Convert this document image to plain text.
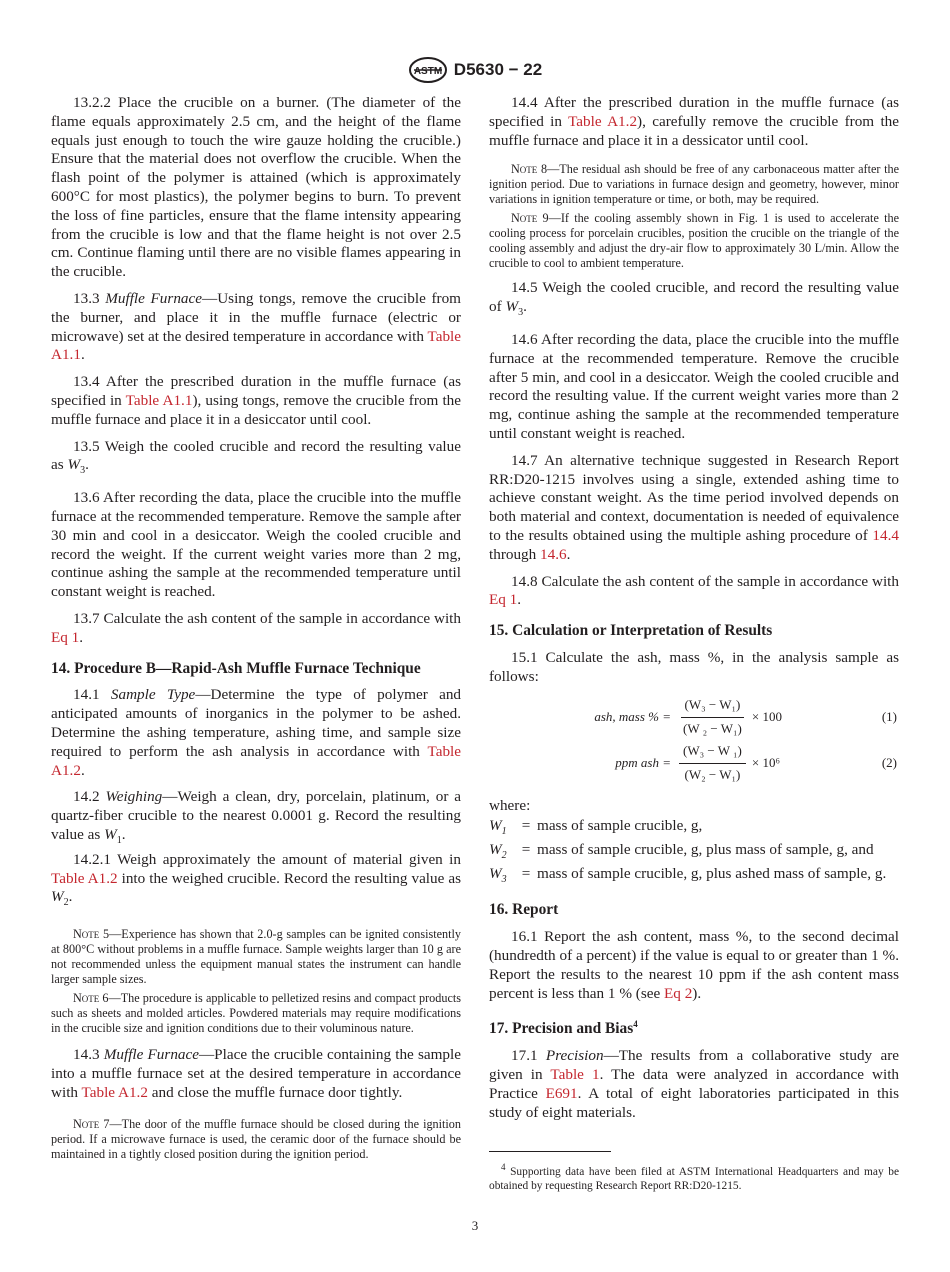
ASTM D5630 − 22

13.2.2 Place the crucible on a burner. (The diameter of the flame equals approximately 2.5 cm, and the height of the flame equals just enough to touch the wire gauze holding the crucible.) Ensure that the material does not overflow the crucible. When the flash point of the polymer is attained (which is approximately 600°C for most plastics), the polymer begins to burn. To prevent the loss of fine particles, ensure that the flame intensity appearing from the crucible is low and that the flame height is not over 2.5 cm. Continue flaming until there are no visible flames appearing in the crucible.

13.3 Muffle Furnace—Using tongs, remove the crucible from the burner, and place it in the muffle furnace (electric or microwave) set at the desired temperature in accordance with Table A1.1.

13.4 After the prescribed duration in the muffle furnace (as specified in Table A1.1), using tongs, remove the crucible from the muffle furnace and place it in a desiccator until cool.

13.5 Weigh the cooled crucible and record the resulting value as $W_3$.

13.6 After recording the data, place the crucible into the muffle furnace at the recommended temperature. Remove the sample after 30 min and cool in a desiccator. Weigh the cooled crucible and record the weight. If the current weight varies more than 2 mg, continue ashing the sample at the recommended temperature until constant weight is reached.

13.7 Calculate the ash content of the sample in accordance with Eq 1.

14. Procedure B—Rapid-Ash Muffle Furnace Technique

14.1 Sample Type—Determine the type of polymer and anticipated amounts of inorganics in the polymer to be ashed. Determine the ashing temperature, ashing time, and sample size required to perform the ash analysis in accordance with Table A1.2.

14.2 Weighing—Weigh a clean, dry, porcelain, platinum, or a quartz-fiber crucible to the nearest 0.0001 g. Record the resulting value as $W_1$.

14.2.1 Weigh approximately the amount of material given in Table A1.2 into the weighed crucible. Record the resulting value as $W_2$.

Note 5—Experience has shown that 2.0-g samples can be ignited consistently at 800°C without problems in a muffle furnace. Sample weights larger than 10 g are not recommended unless the equipment manual states the instrument can handle larger sample sizes.
Note 6—The procedure is applicable to pelletized resins and compact products such as sheets and molded articles. Powdered materials may require modifications in the crucible size and ignition conditions due to their voluminous nature.

14.3 Muffle Furnace—Place the crucible containing the sample into a muffle furnace set at the desired temperature in accordance with Table A1.2 and close the muffle furnace door tightly.

Note 7—The door of the muffle furnace should be closed during the ignition period. If a microwave furnace is used, the ceramic door of the furnace should be maintained in a tightly closed position during the ignition period.

14.4 After the prescribed duration in the muffle furnace (as specified in Table A1.2), carefully remove the crucible from the muffle furnace and place it in a dessicator until cool.

Note 8—The residual ash should be free of any carbonaceous matter after the ignition period. Due to variations in furnace design and geometry, however, minor variations in ignition temperature or time, or both, may be required.
Note 9—If the cooling assembly shown in Fig. 1 is used to accelerate the cooling process for porcelain crucibles, position the crucible on the triangle of the cooling assembly and adjust the dry-air flow to approximately 30 L/min. Allow the crucible to cool to ambient temperature.

14.5 Weigh the cooled crucible, and record the resulting value of $W_3$.

14.6 After recording the data, place the crucible into the muffle furnace at the recommended temperature. Remove the crucible after 5 min, and cool in a desiccator. Weigh the cooled crucible and record the resulting value. If the current weight varies more than 2 mg, continue ashing the sample at the recommended temperature until constant weight is reached.

14.7 An alternative technique suggested in Research Report RR:D20-1215 involves using a single, extended ashing time to achieve constant weight. As the time period involved depends on both material and context, documentation is needed of equivalence to the results obtained using the multiple ashing procedure of 14.4 through 14.6.

14.8 Calculate the ash content of the sample in accordance with Eq 1.

15. Calculation or Interpretation of Results

15.1 Calculate the ash, mass %, in the analysis sample as follows:

ash, mass % = $\frac{\text{(W₃ − W₁)}}{\text{(W ₂ − W₁)}} \times 100$	(1)
ppm ash = $\frac{\text{(W₃ − W ₁)}}{\text{(W₂ − W₁)}} \times 10^6$	(2)

where:

$W_1$ = mass of sample crucible, g,
$W_2$ = mass of sample crucible, g, plus mass of sample, g, and
$W_3$ = mass of sample crucible, g, plus ashed mass of sample, g.
16. Report

16.1 Report the ash content, mass %, to the second decimal (hundredth of a percent) if the value is equal to or greater than 1 %. Report the results to the nearest 10 ppm if the ash content mass percent is less than 1 % (see Eq 2).

17. Precision and Bias$^4$

17.1 Precision—The results from a collaborative study are given in Table 1. The data were analyzed in accordance with Practice E691. A total of eight laboratories participated in this study of eight materials.

$^4$ Supporting data have been filed at ASTM International Headquarters and may be obtained by requesting Research Report RR:D20-1215.
3
